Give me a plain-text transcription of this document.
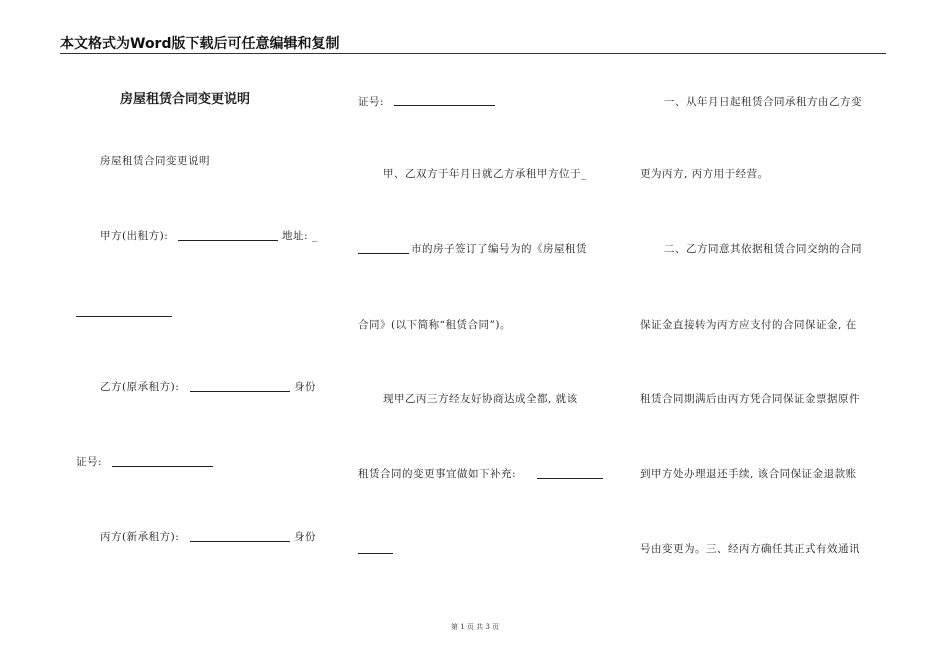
本文格式为Word版下载后可任意编辑和复制
房屋租赁合同变更说明
房屋租赁合同变更说明
甲方(出租方):	地址: _
乙方(原承租方):	身份
证号:
丙方(新承租方):	身份
证号:
甲、乙双方于年月日就乙方承租甲方位于_
市的房子签订了编号为的《房屋租赁
合同》(以下简称“租赁合同”)。
现甲乙丙三方经友好协商达成全都, 就该
租赁合同的变更事宜做如下补充:
一、从年月日起租赁合同承租方由乙方变
更为丙方, 丙方用于经营。
二、乙方同意其依据租赁合同交纳的合同
保证金直接转为丙方应支付的合同保证金, 在
租赁合同期满后由丙方凭合同保证金票据原件
到甲方处办理退还手续, 该合同保证金退款账
号由变更为。三、经丙方确任其正式有效通讯
第 1 页 共 3 页
